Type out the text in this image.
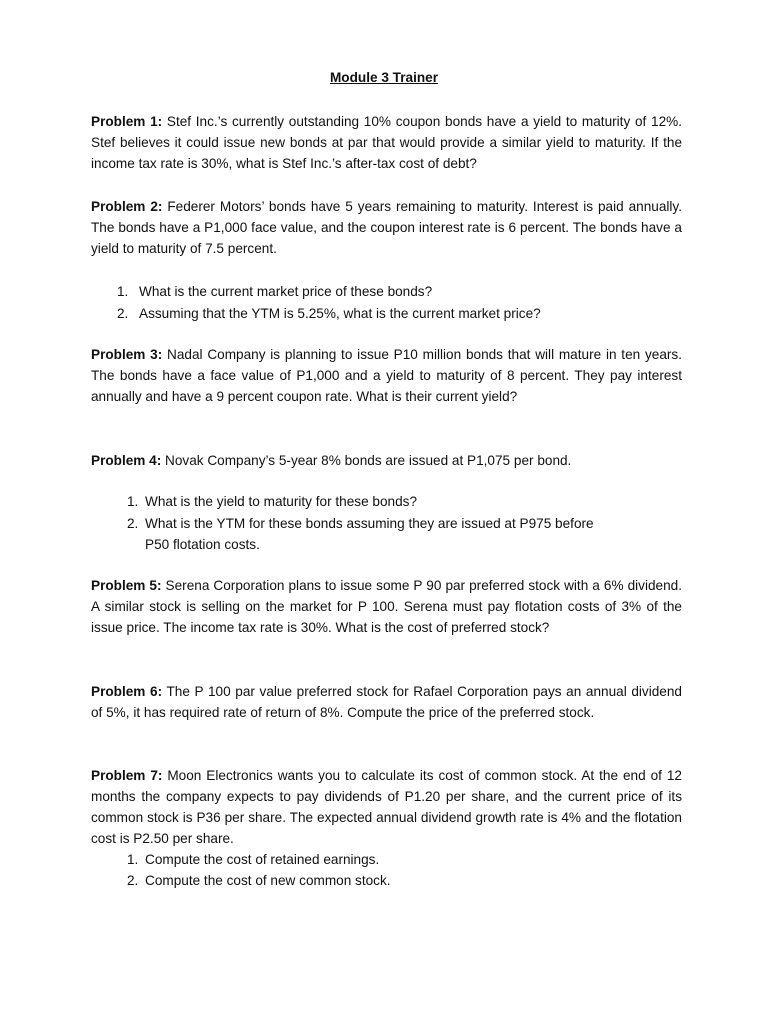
Module 3 Trainer

Problem 1: Stef Inc.’s currently outstanding 10% coupon bonds have a yield to maturity of 12%. Stef believes it could issue new bonds at par that would provide a similar yield to maturity. If the income tax rate is 30%, what is Stef Inc.’s after-tax cost of debt?

Problem 2: Federer Motors’ bonds have 5 years remaining to maturity. Interest is paid annually. The bonds have a P1,000 face value, and the coupon interest rate is 6 percent. The bonds have a yield to maturity of 7.5 percent.

1. What is the current market price of these bonds?
2. Assuming that the YTM is 5.25%, what is the current market price?

Problem 3: Nadal Company is planning to issue P10 million bonds that will mature in ten years. The bonds have a face value of P1,000 and a yield to maturity of 8 percent. They pay interest annually and have a 9 percent coupon rate. What is their current yield?

Problem 4: Novak Company’s 5-year 8% bonds are issued at P1,075 per bond.

1. What is the yield to maturity for these bonds?
2. What is the YTM for these bonds assuming they are issued at P975 before
P50 flotation costs.

Problem 5: Serena Corporation plans to issue some P 90 par preferred stock with a 6% dividend. A similar stock is selling on the market for P 100. Serena must pay flotation costs of 3% of the issue price. The income tax rate is 30%. What is the cost of preferred stock?

Problem 6: The P 100 par value preferred stock for Rafael Corporation pays an annual dividend of 5%, it has required rate of return of 8%. Compute the price of the preferred stock.

Problem 7: Moon Electronics wants you to calculate its cost of common stock. At the end of 12 months the company expects to pay dividends of P1.20 per share, and the current price of its common stock is P36 per share. The expected annual dividend growth rate is 4% and the flotation cost is P2.50 per share.

1. Compute the cost of retained earnings.
2. Compute the cost of new common stock.
